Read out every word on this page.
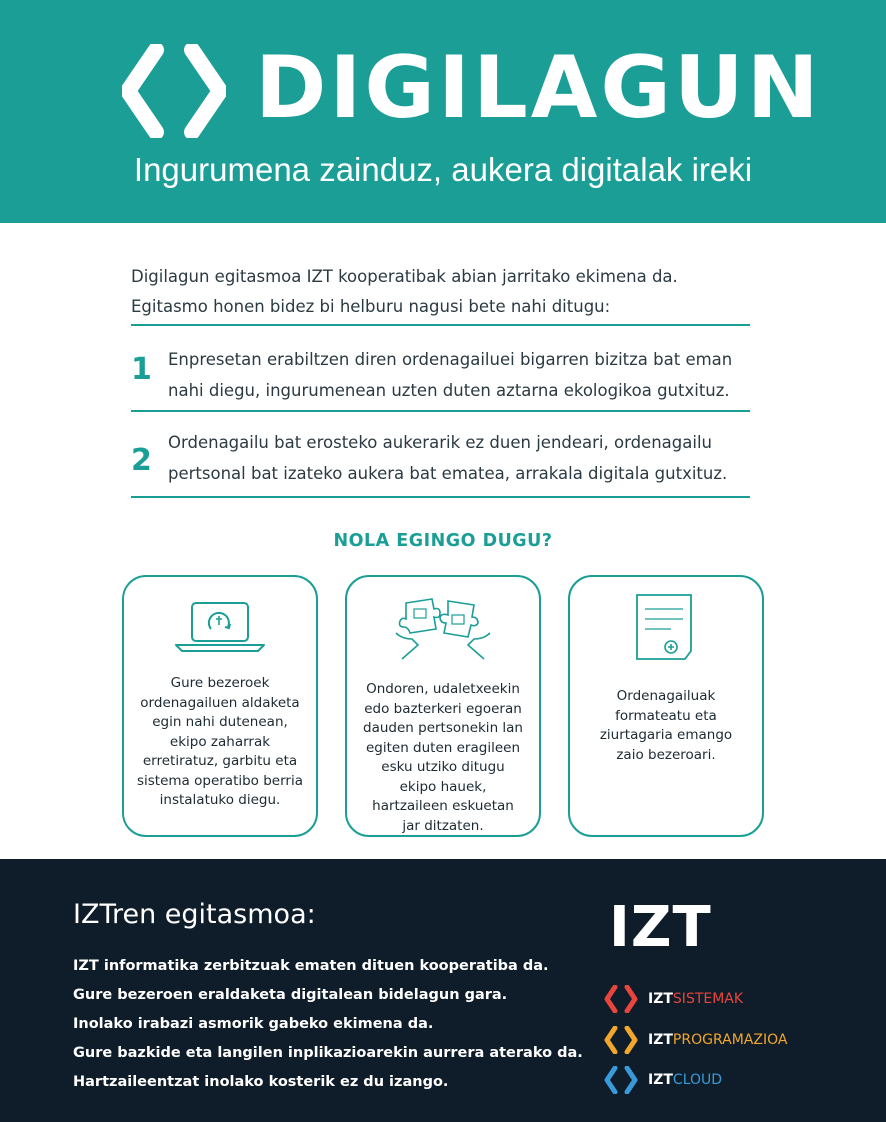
DIGILAGUN
Ingurumena zainduz, aukera digitalak ireki
Digilagun egitasmoa IZT kooperatibak abian jarritako ekimena da.
Egitasmo honen bidez bi helburu nagusi bete nahi ditugu:
1 Enpresetan erabiltzen diren ordenagailuei bigarren bizitza bat eman
nahi diegu, ingurumenean uzten duten aztarna ekologikoa gutxituz.
2
Ordenagailu bat erosteko aukerarik ez duen jendeari, ordenagailu
pertsonal bat izateko aukera bat ematea, arrakala digitala gutxituz.
NOLA EGINGO DUGU?
Gure bezeroek
ordenagailuen aldaketa
egin nahi dutenean,
ekipo zaharrak
erretiratuz, garbitu eta
sistema operatibo berria
instalatuko diegu.
Ondoren, udaletxeekin
edo bazterkeri egoeran
dauden pertsonekin lan
egiten duten eragileen
esku utziko ditugu
ekipo hauek,
hartzaileen eskuetan
jar ditzaten.
Ordenagailuak
formateatu eta
ziurtagaria emango
zaio bezeroari.
IZTren egitasmoa:
IZT informatika zerbitzuak ematen dituen kooperatiba da.
Gure bezeroen eraldaketa digitalean bidelagun gara.
Inolako irabazi asmorik gabeko ekimena da.
Gure bazkide eta langilen inplikazioarekin aurrera aterako da.
Hartzaileentzat inolako kosterik ez du izango.
IZT
IZTSISTEMAK
IZTPROGRAMAZIOA
IZTCLOUD
